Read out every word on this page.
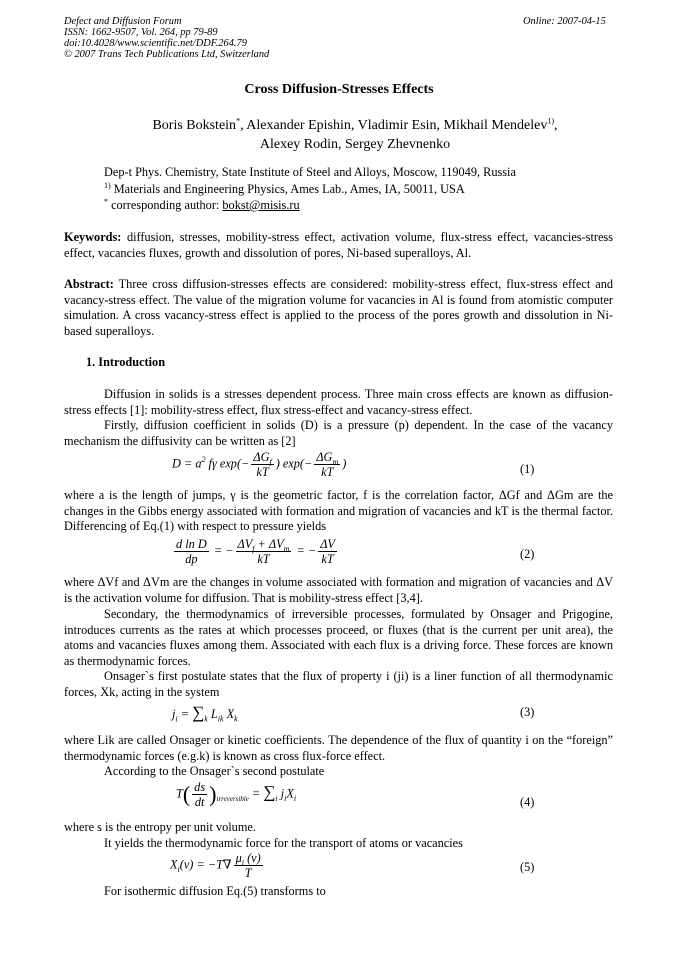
Defect and Diffusion Forum
ISSN: 1662-9507, Vol. 264, pp 79-89
doi:10.4028/www.scientific.net/DDF.264.79
© 2007 Trans Tech Publications Ltd, Switzerland
Online: 2007-04-15
Cross Diffusion-Stresses Effects
Boris Bokstein*, Alexander Epishin, Vladimir Esin, Mikhail Mendelev$^{1)}$,
Alexey Rodin, Sergey Zhevnenko
Dep-t Phys. Chemistry, State Institute of Steel and Alloys, Moscow, 119049, Russia
$^{1)}$ Materials and Engineering Physics, Ames Lab., Ames, IA, 50011, USA
* corresponding author: bokst@misis.ru
Keywords: diffusion, stresses, mobility-stress effect, activation volume, flux-stress effect, vacancies-stress effect, vacancies fluxes, growth and dissolution of pores, Ni-based superalloys, Al.
Abstract: Three cross diffusion-stresses effects are considered: mobility-stress effect, flux-stress effect and vacancy-stress effect. The value of the migration volume for vacancies in Al is found from atomistic computer simulation. A cross vacancy-stress effect is applied to the process of the pores growth and dissolution in Ni-based superalloys.
1. Introduction
Diffusion in solids is a stresses dependent process. Three main cross effects are known as diffusion-stress effects [1]: mobility-stress effect, flux stress-effect and vacancy-stress effect.
Firstly, diffusion coefficient in solids (D) is a pressure (p) dependent. In the case of the vacancy mechanism the diffusivity can be written as [2]
$D = a^2$ fγ $\exp(- \frac{\Delta G_f}{kT}$ ) $\exp(- \frac{\Delta G_m}{kT}$ )	(1)
where a is the length of jumps, γ is the geometric factor, f is the correlation factor, ΔGf and ΔGm are the changes in the Gibbs energy associated with formation and migration of vacancies and kT is the thermal factor. Differencing of Eq.(1) with respect to pressure yields
$\frac{\text{d ln D}}{dp}$ = − $\frac{\Delta V_f + \Delta V_m}{kT}$ = − $\frac{\Delta V}{kT}$	(2)
where ΔVf and ΔVm are the changes in volume associated with formation and migration of vacancies and ΔV is the activation volume for diffusion. That is mobility-stress effect [3,4].
Secondary, the thermodynamics of irreversible processes, formulated by Onsager and Prigogine, introduces currents as the rates at which processes proceed, or fluxes (that is the current per unit area), the atoms and vacancies fluxes among them. Associated with each flux is a driving force. These forces are known as thermodynamic forces.
Onsager`s first postulate states that the flux of property i (ji) is a liner function of all thermodynamic forces, Xk, acting in the system
$j_i = \sum_k$ $L_{ik}$ $X_k$	(3)
where Lik are called Onsager or kinetic coefficients. The dependence of the flux of quantity i on the “foreign” thermodynamic forces (e.g.k) is known as cross flux-force effect.
According to the Onsager`s second postulate
$T( \frac{ds}{dt} )_{irreversible} = \sum_i$ $j_iX_i$	(4)
where s is the entropy per unit volume.
It yields the thermodynamic force for the transport of atoms or vacancies
$X_i(v) = -T\nabla \frac{\mu_i (v)}{T}$	(5)
For isothermic diffusion Eq.(5) transforms to
